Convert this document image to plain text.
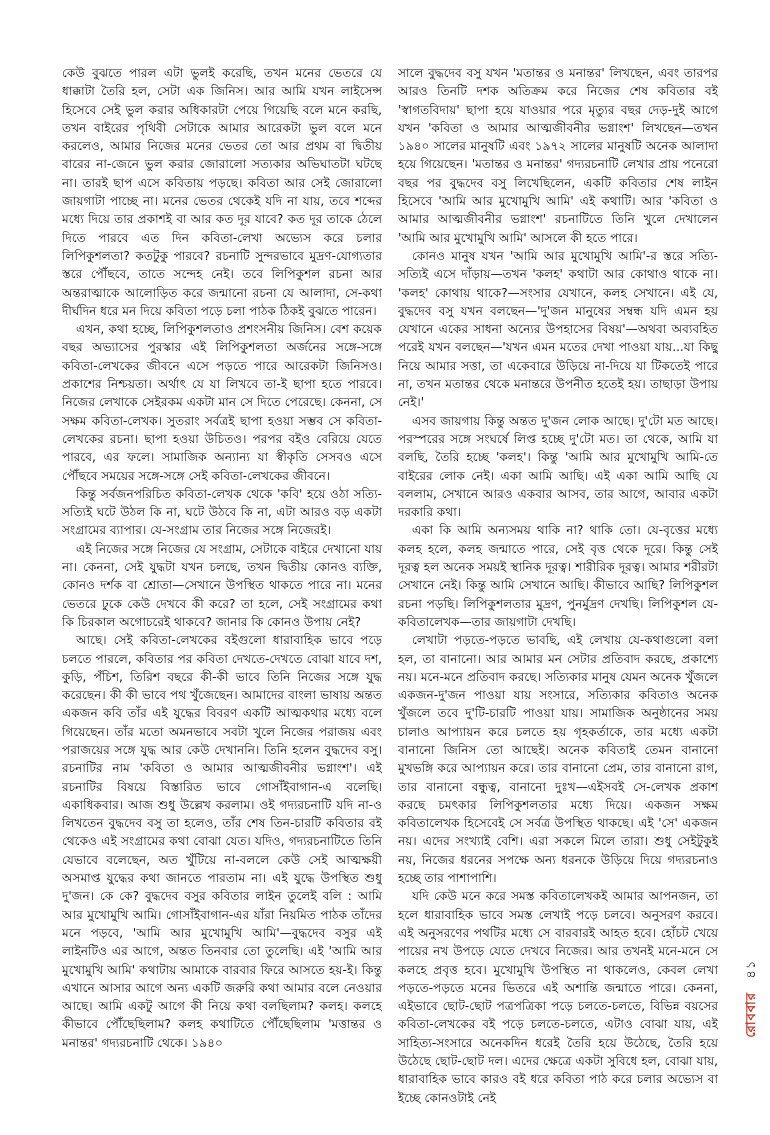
কেউ বুঝতে পারল এটা ভুলই করেছি, তখন মনের ভেতরে যে ধাক্কাটা তৈরি হল, সেটা এক জিনিস। আর আমি যখন লাইসেন্স হিসেবে সেই ভুল করার অধিকারটা পেয়ে গিয়েছি বলে মনে করছি, তখন বাইরের পৃথিবী সেটাকে আমার আরেকটা ভুল বলে মনে করলেও, আমার নিজের মনের ভেতর তো আর প্রথম বা দ্বিতীয় বারের না-জেনে ভুল করার জোরালো সত্যকার অভিঘাতটা ঘটছে না। তারই ছাপ এসে কবিতায় পড়ছে। কবিতা আর সেই জোরালো জায়গাটা পাচ্ছে না। মনের ভেতর থেকেই যদি না যায়, তবে শব্দের মধ্যে দিয়ে তার প্রকাশই বা আর কত দূর যাবে? কত দূর তাকে ঠেলে দিতে পারবে এত দিন কবিতা-লেখা অভ্যেস করে চলার লিপিকুশলতা? কতটুকু পারবে? রচনাটি সুন্দরভাবে মুদ্রণ-যোগ্যতার স্তরে পৌঁছবে, তাতে সন্দেহ নেই। তবে লিপিকুশল রচনা আর অন্তরাত্মাকে আলোড়িত করে জন্মানো রচনা যে আলাদা, সে-কথা দীর্ঘদিন ধরে মন দিয়ে কবিতা পড়ে চলা পাঠক ঠিকই বুঝতে পারেন।

এখন, কথা হচ্ছে, লিপিকুশলতাও প্রশংসনীয় জিনিস। বেশ কয়েক বছর অভ্যাসের পুরস্কার এই লিপিকুশলতা অর্জনের সঙ্গে-সঙ্গে কবিতা-লেখকের জীবনে এসে পড়তে পারে আরেকটা জিনিসও। প্রকাশের নিশ্চয়তা। অর্থাৎ যে যা লিখবে তা-ই ছাপা হতে পারবে। নিজের লেখাকে সেইরকম একটা মান সে দিতে পেরেছে। কেননা, সে সক্ষম কবিতা-লেখক। সুতরাং সর্বত্রই ছাপা হওয়া সম্ভব সে কবিতা-লেখকের রচনা। ছাপা হওয়া উচিতও। পরপর বইও বেরিয়ে যেতে পারবে, এর ফলে। সামাজিক অন্যান্য যা স্বীকৃতি সেসবও এসে পৌঁছবে সময়ের সঙ্গে-সঙ্গে সেই কবিতা-লেখকের জীবনে।

কিন্তু সর্বজনপরিচিত কবিতা-লেখক থেকে 'কবি' হয়ে ওঠা সত্যি-সত্যিই ঘটে উঠল কি না, ঘটে উঠবে কি না, এটা আরও বড় একটা সংগ্রামের ব্যাপার। যে-সংগ্রাম তার নিজের সঙ্গে নিজেরই।

এই নিজের সঙ্গে নিজের যে সংগ্রাম, সেটাকে বাইরে দেখানো যায় না। কেননা, সেই যুদ্ধটা যখন চলছে, তখন দ্বিতীয় কোনও ব্যক্তি, কোনও দর্শক বা শ্রোতা—সেখানে উপস্থিত থাকতে পারে না। মনের ভেতরে ঢুকে কেউ দেখবে কী করে? তা হলে, সেই সংগ্রামের কথা কি চিরকাল অগোচরেই থাকবে? জানার কি কোনও উপায় নেই?

আছে। সেই কবিতা-লেখকের বইগুলো ধারাবাহিক ভাবে পড়ে চলতে পারলে, কবিতার পর কবিতা দেখতে-দেখতে বোঝা যাবে দশ, কুড়ি, পঁচিশ, তিরিশ বছরে কী-কী ভাবে তিনি নিজের সঙ্গে যুদ্ধ করেছেন। কী কী ভাবে পথ খুঁজেছেন। আমাদের বাংলা ভাষায় অন্তত একজন কবি তাঁর এই যুদ্ধের বিবরণ একটি আত্মকথার মধ্যে বলে গিয়েছেন। তাঁর মতো অমনভাবে সবটা খুলে নিজের পরাজয় এবং পরাজয়ের সঙ্গে যুদ্ধ আর কেউ দেখাননি। তিনি হলেন বুদ্ধদেব বসু। রচনাটির নাম 'কবিতা ও আমার আত্মজীবনীর ভগ্নাংশ'। এই রচনাটির বিষয়ে বিস্তারিত ভাবে গোসাঁইবাগান-এ বলেছি। একাধিকবার। আজ শুধু উল্লেখ করলাম। ওই গদ্যরচনাটি যদি না-ও লিখতেন বুদ্ধদেব বসু তা হলেও, তাঁর শেষ তিন-চারটি কবিতার বই থেকেও এই সংগ্রামের কথা বোঝা যেত। যদিও, গদ্যরচনাটিতে তিনি যেভাবে বলেছেন, অত খুঁটিয়ে না-বললে কেউ সেই আত্মক্ষয়ী অসমাপ্ত যুদ্ধের কথা জানতে পারতাম না। এই যুদ্ধে উপস্থিত শুধু দু'জন। কে কে? বুদ্ধদেব বসুর কবিতার লাইন তুলেই বলি : আমি আর মুখোমুখি আমি। গোসাঁইবাগান-এর যাঁরা নিয়মিত পাঠক তাঁদের মনে পড়বে, 'আমি আর মুখোমুখি আমি'—বুদ্ধদেব বসুর এই লাইনটিও এর আগে, অন্তত তিনবার তো তুলেছি। এই 'আমি আর মুখোমুখি আমি' কথাটায় আমাকে বারবার ফিরে আসতে হয়-ই। কিন্তু এখানে আসার আগে অন্য একটি জরুরি কথা আমার বলে নেওয়ার আছে। আমি একটু আগে কী নিয়ে কথা বলছিলাম? কলহ। কলহে কীভাবে পৌঁছেছিলাম? কলহ কথাটিতে পৌঁছেছিলাম 'মত্তান্তর ও মনান্তর' গদ্যরচনাটি থেকে। ১৯৪০

সালে বুদ্ধদেব বসু যখন 'মতান্তর ও মনান্তর' লিখছেন, এবং তারপর আরও তিনটি দশক অতিক্রম করে নিজের শেষ কবিতার বই 'স্বাগতবিদায়' ছাপা হয়ে যাওয়ার পরে মৃত্যুর বছর দেড়-দুই আগে যখন 'কবিতা ও আমার আত্মজীবনীর ভগ্নাংশ' লিখছেন—তখন ১৯৪০ সালের মানুষটি এবং ১৯৭২ সালের মানুষটি অনেক আলাদা হয়ে গিয়েছেন। 'মতান্তর ও মনান্তর' গদ্যরচনাটি লেখার প্রায় পনেরো বছর পর বুদ্ধদেব বসু লিখেছিলেন, একটি কবিতার শেষ লাইন হিসেবে 'আমি আর মুখোমুখি আমি' এই কথাটি। আর 'কবিতা ও আমার আত্মজীবনীর ভগ্নাংশ' রচনাটিতে তিনি খুলে দেখালেন 'আমি আর মুখোমুখি আমি' আসলে কী হতে পারে।

কোনও মানুষ যখন 'আমি আর মুখোমুখি আমি'-র স্তরে সত্যি-সত্যিই এসে দাঁড়ায়—তখন 'কলহ' কথাটা আর কোথাও থাকে না। 'কলহ' কোথায় থাকে?—সংসার যেখানে, কলহ সেখানে। এই যে, বুদ্ধদেব বসু যখন বলছেন—'দু'জন মানুষের সম্বন্ধ যদি এমন হয় যেখানে একের সাধনা অন্যের উপহাসের বিষয়'—অথবা অব্যবহিত পরেই যখন বলছেন—'যখন এমন মতের দেখা পাওয়া যায়...যা কিছু নিয়ে আমার সত্তা, তা একেবারে উড়িয়ে না-দিয়ে যা টিকতেই পারে না, তখন মতান্তর থেকে মনান্তরে উপনীত হতেই হয়। তাছাড়া উপায় নেই।'

এসব জায়গায় কিন্তু অন্তত দু'জন লোক আছে। দু'টো মত আছে। পরস্পরের সঙ্গে সংঘর্ষে লিপ্ত হচ্ছে দু'টো মত। তা থেকে, আমি যা বলছি, তৈরি হচ্ছে 'কলহ'। কিন্তু 'আমি আর মুখোমুখি আমি-তে বাইরের লোক নেই। একা আমি আছি। এই একা আমি আছি যে বললাম, সেখানে আরও একবার আসব, তার আগে, আবার একটা দরকারি কথা।

একা কি আমি অন্যসময় থাকি না? থাকি তো। যে-বৃত্তের মধ্যে কলহ হলে, কলহ জন্মাতে পারে, সেই বৃত্ত থেকে দূরে। কিন্তু সেই দূরত্ব হল অনেক সময়ই স্থানিক দূরত্ব। শারীরিক দূরত্ব। আমার শরীরটা সেখানে নেই। কিন্তু আমি সেখানে আছি। কীভাবে আছি? লিপিকুশল রচনা পড়ছি। লিপিকুশলতার মুদ্রণ, পুনর্মুদ্রণ দেখছি। লিপিকুশল যে-কবিতালেখক—তার জায়গাটা দেখছি।

লেখাটা পড়তে-পড়তে ভাবছি, এই লেখায় যে-কথাগুলো বলা হল, তা বানানো। আর আমার মন সেটার প্রতিবাদ করছে, প্রকাশ্যে নয়। মনে-মনে প্রতিবাদ করছে। সত্যিকার মানুষ যেমন অনেক খুঁজলে একজন-দু'জন পাওয়া যায় সংসারে, সত্যিকার কবিতাও অনেক খুঁজলে তবে দু'টি-চারটি পাওয়া যায়। সামাজিক অনুষ্ঠানের সময় চালাও আপ্যায়ন করে চলতে হয় গৃহকর্তাকে, তার মধ্যে একটা বানানো জিনিস তো আছেই। অনেক কবিতাই তেমন বানানো মুখভঙ্গি করে আপ্যায়ন করে। তার বানানো প্রেম, তার বানানো রাগ, তার বানানো বন্ধুত্ব, বানানো দুঃখ—এইসবই সে-লেখক প্রকাশ করছে চমৎকার লিপিকুশলতার মধ্যে দিয়ে। একজন সক্ষম কবিতালেখক হিসেবেই সে সর্বত্র উপস্থিত থাকছে। এই 'সে' একজন নয়। এদের সংখ্যাই বেশি। এরা সকলে মিলে তারা। শুধু সেইটুকুই নয়, নিজের ধরনের সপক্ষে অন্য ধরনকে উড়িয়ে দিয়ে গদ্যরচনাও হচ্ছে তার পাশাপাশি।

যদি কেউ মনে করে সমস্ত কবিতালেখকই আমার আপনজন, তা হলে ধারাবাহিক ভাবে সমস্ত লেখাই পড়ে চলবে। অনুসরণ করবে। এই অনুসরণের পথটির মধ্যে সে বারবারই আহত হবে। হোঁচট খেয়ে পায়ের নখ উপড়ে যেতে দেখবে নিজের। আর তখনই মনে-মনে সে কলহে প্রবৃত্ত হবে। মুখোমুখি উপস্থিত না থাকলেও, কেবল লেখা পড়তে-পড়তে মনের ভিতরে এই অশান্তি জন্মাতে পারে। কেননা, এইভাবে ছোট-ছোট পত্রপত্রিকা পড়ে চলতে-চলতে, বিভিন্ন বয়সের কবিতা-লেখকের বই পড়ে চলতে-চলতে, এটাও বোঝা যায়, এই সাহিত্য-সংসারে অনেকদিন ধরেই তৈরি হয়ে উঠেছে, তৈরি হয়ে উঠেছে ছোট-ছোট দল। এদের ক্ষেত্রে একটা সুবিধে হল, বোঝা যায়, ধারাবাহিক ভাবে কারও বই ধরে কবিতা পাঠ করে চলার অভ্যেস বা ইচ্ছে কোনওটাই নেই

রোববার ৪১
